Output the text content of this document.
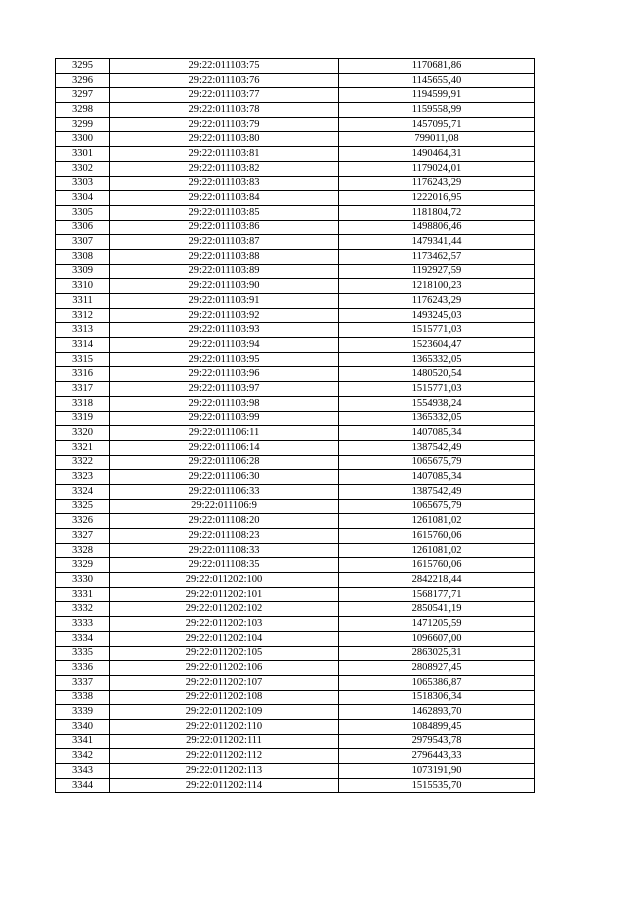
3295	29:22:011103:75	1170681,86
3296	29:22:011103:76	1145655,40
3297	29:22:011103:77	1194599,91
3298	29:22:011103:78	1159558,99
3299	29:22:011103:79	1457095,71
3300	29:22:011103:80	799011,08
3301	29:22:011103:81	1490464,31
3302	29:22:011103:82	1179024,01
3303	29:22:011103:83	1176243,29
3304	29:22:011103:84	1222016,95
3305	29:22:011103:85	1181804,72
3306	29:22:011103:86	1498806,46
3307	29:22:011103:87	1479341,44
3308	29:22:011103:88	1173462,57
3309	29:22:011103:89	1192927,59
3310	29:22:011103:90	1218100,23
3311	29:22:011103:91	1176243,29
3312	29:22:011103:92	1493245,03
3313	29:22:011103:93	1515771,03
3314	29:22:011103:94	1523604,47
3315	29:22:011103:95	1365332,05
3316	29:22:011103:96	1480520,54
3317	29:22:011103:97	1515771,03
3318	29:22:011103:98	1554938,24
3319	29:22:011103:99	1365332,05
3320	29:22:011106:11	1407085,34
3321	29:22:011106:14	1387542,49
3322	29:22:011106:28	1065675,79
3323	29:22:011106:30	1407085,34
3324	29:22:011106:33	1387542,49
3325	29:22:011106:9	1065675,79
3326	29:22:011108:20	1261081,02
3327	29:22:011108:23	1615760,06
3328	29:22:011108:33	1261081,02
3329	29:22:011108:35	1615760,06
3330	29:22:011202:100	2842218,44
3331	29:22:011202:101	1568177,71
3332	29:22:011202:102	2850541,19
3333	29:22:011202:103	1471205,59
3334	29:22:011202:104	1096607,00
3335	29:22:011202:105	2863025,31
3336	29:22:011202:106	2808927,45
3337	29:22:011202:107	1065386,87
3338	29:22:011202:108	1518306,34
3339	29:22:011202:109	1462893,70
3340	29:22:011202:110	1084899,45
3341	29:22:011202:111	2979543,78
3342	29:22:011202:112	2796443,33
3343	29:22:011202:113	1073191,90
3344	29:22:011202:114	1515535,70
